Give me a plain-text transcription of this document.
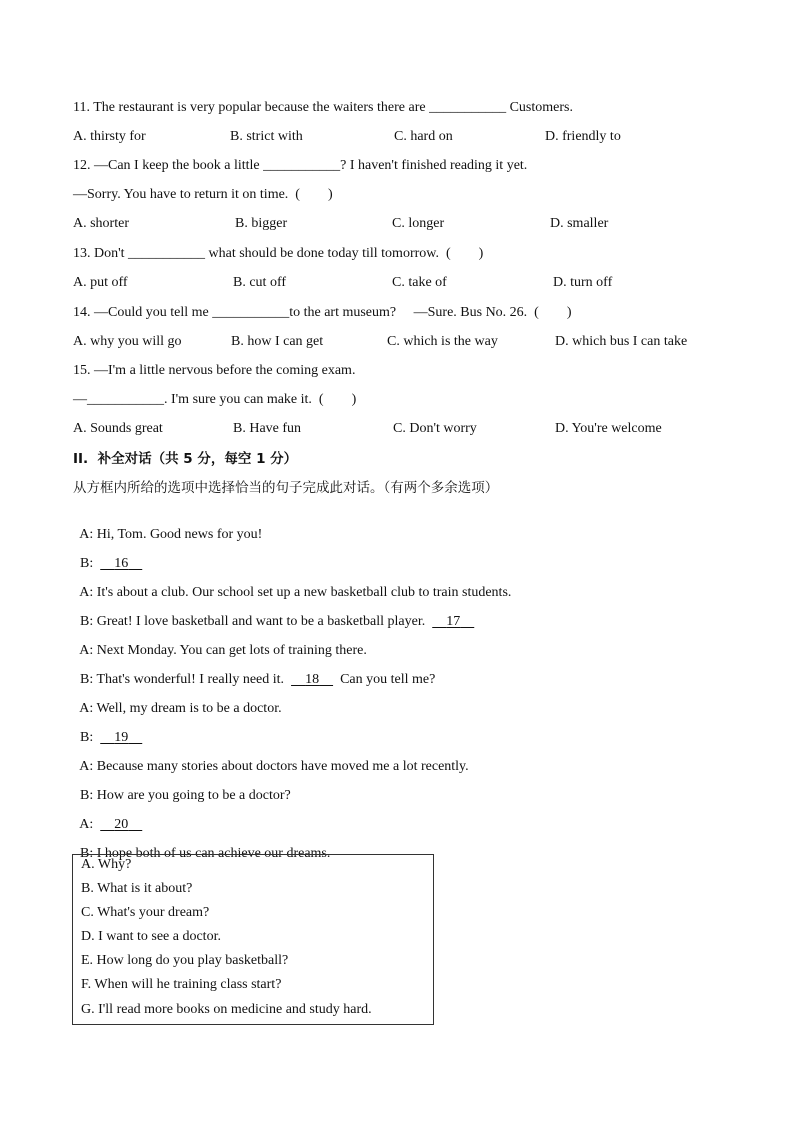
11. The restaurant is very popular because the waiters there are ___________ Customers.
A. thirsty for	B. strict with	C. hard on	D. friendly to
12. —Can I keep the book a little ___________? I haven't finished reading it yet.
—Sorry. You have to return it on time.  (        )
A. shorter	B. bigger	C. longer	D. smaller
13. Don't ___________ what should be done today till tomorrow.  (        )
A. put off	B. cut off	C. take of	D. turn off
14. —Could you tell me ___________to the art museum?     —Sure. Bus No. 26.  (        )
A. why you will go	B. how I can get	C. which is the way	D. which bus I can take
15. —I'm a little nervous before the coming exam.
—___________. I'm sure you can make it.  (        )
A. Sounds great	B. Have fun	C. Don't worry	D. You're welcome
II.  补全对话（共 5 分，每空 1 分）
从方框内所给的选项中选择恰当的句子完成此对话。（有两个多余选项）

A: Hi, Tom. Good news for you!

B: 16

A: It's about a club. Our school set up a new basketball club to train students.

B: Great! I love basketball and want to be a basketball player. 17

A: Next Monday. You can get lots of training there.

B: That's wonderful! I really need it. 18 Can you tell me?

A: Well, my dream is to be a doctor.

B: 19

A: Because many stories about doctors have moved me a lot recently.

B: How are you going to be a doctor?

A: 20

B: I hope both of us can achieve our dreams.

A. Why?
B. What is it about?
C. What's your dream?
D. I want to see a doctor.
E. How long do you play basketball?
F. When will he training class start?
G. I'll read more books on medicine and study hard.
